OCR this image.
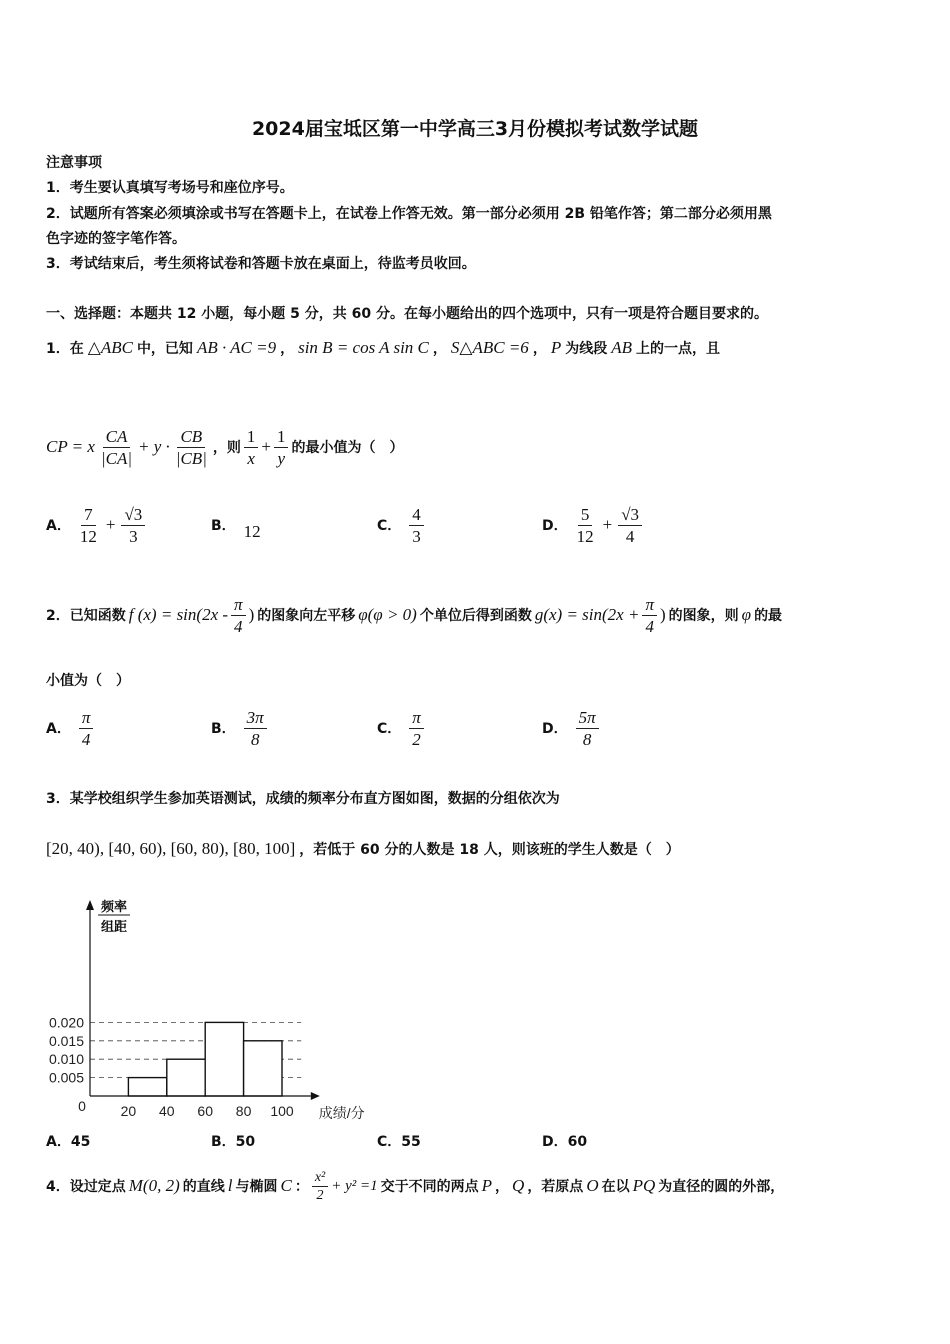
2024届宝坻区第一中学高三3月份模拟考试数学试题
注意事项
1．考生要认真填写考场号和座位序号。
2．试题所有答案必须填涂或书写在答题卡上，在试卷上作答无效。第一部分必须用 2B 铅笔作答；第二部分必须用黑
色字迹的签字笔作答。
3．考试结束后，考生须将试卷和答题卡放在桌面上，待监考员收回。
一、选择题：本题共 12 小题，每小题 5 分，共 60 分。在每小题给出的四个选项中，只有一项是符合题目要求的。
1．在 △ABC 中，已知 AB · AC =9 ， sin B = cos A sin C ， S△ABC =6 ， P 为线段 AB 上的一点，且
CP = x $\frac{CA}{|CA|} + y \cdot \frac{CB}{|CB|}$ ，则 $\frac{1}{x} + \frac{1}{y}$ 的最小值为（　）
A． $\frac{7}{12} + \frac{√3}{3}$	B． 12	C． $\frac{4}{3}$	D． $\frac{5}{12} + \frac{√3}{4}$
2．已知函数 f $(x) = \sin(2x - \frac{\pi}{4}$ ) 的图象向左平移 φ(φ > 0) 个单位后得到函数 $g(x) = \sin(2x + \frac{\pi}{4}$ ) 的图象，则 φ 的最
小值为（　）
A． $\frac{\pi}{4}$	B． $\frac{3\pi}{8}$	C． $\frac{\pi}{2}$	D． $\frac{5\pi}{8}$
3．某学校组织学生参加英语测试，成绩的频率分布直方图如图，数据的分组依次为
[20, 40), [40, 60), [60, 80), [80, 100] ，若低于 60 分的人数是 18 人，则该班的学生人数是（　）
0.005
0.010
0.015
0.020
20 40 60 80 100
0	成绩/分
频率
组距
A．45	B．50	C．55	D．60
4．设过定点 M(0, 2) 的直线 l 与椭圆 C ： $\frac{\text{x²}}{2} + y^2 =1$ 交于不同的两点 P ， Q ，若原点 O 在以 PQ 为直径的圆的外部，
